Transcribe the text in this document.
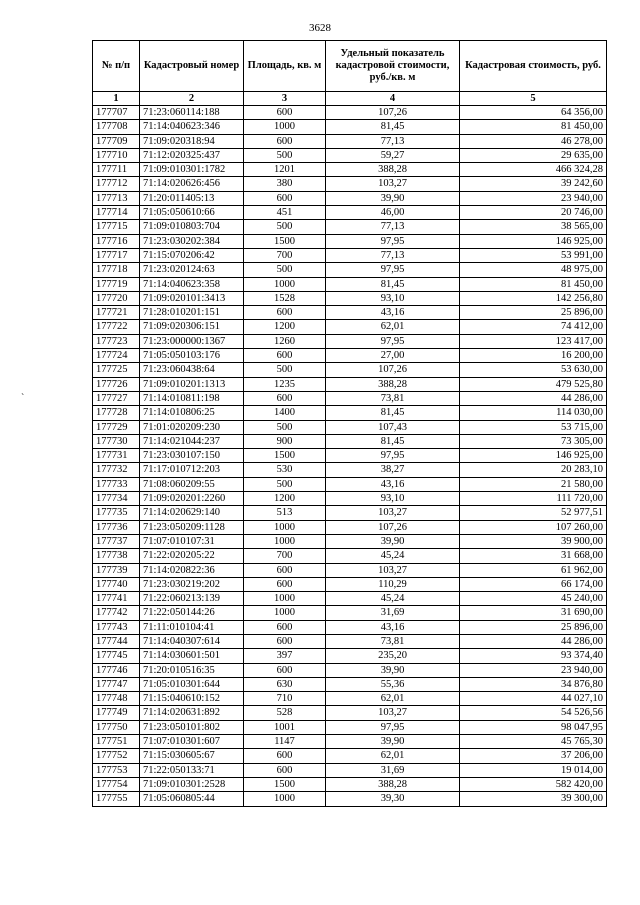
3628
`
№ п/п	Кадастровый номер	Площадь, кв. м	Удельный показатель кадастровой стоимости, руб./кв. м	Кадастровая стоимость, руб.
1	2	3	4	5
177707	71:23:060114:188	600	107,26	64 356,00
177708	71:14:040623:346	1000	81,45	81 450,00
177709	71:09:020318:94	600	77,13	46 278,00
177710	71:12:020325:437	500	59,27	29 635,00
177711	71:09:010301:1782	1201	388,28	466 324,28
177712	71:14:020626:456	380	103,27	39 242,60
177713	71:20:011405:13	600	39,90	23 940,00
177714	71:05:050610:66	451	46,00	20 746,00
177715	71:09:010803:704	500	77,13	38 565,00
177716	71:23:030202:384	1500	97,95	146 925,00
177717	71:15:070206:42	700	77,13	53 991,00
177718	71:23:020124:63	500	97,95	48 975,00
177719	71:14:040623:358	1000	81,45	81 450,00
177720	71:09:020101:3413	1528	93,10	142 256,80
177721	71:28:010201:151	600	43,16	25 896,00
177722	71:09:020306:151	1200	62,01	74 412,00
177723	71:23:000000:1367	1260	97,95	123 417,00
177724	71:05:050103:176	600	27,00	16 200,00
177725	71:23:060438:64	500	107,26	53 630,00
177726	71:09:010201:1313	1235	388,28	479 525,80
177727	71:14:010811:198	600	73,81	44 286,00
177728	71:14:010806:25	1400	81,45	114 030,00
177729	71:01:020209:230	500	107,43	53 715,00
177730	71:14:021044:237	900	81,45	73 305,00
177731	71:23:030107:150	1500	97,95	146 925,00
177732	71:17:010712:203	530	38,27	20 283,10
177733	71:08:060209:55	500	43,16	21 580,00
177734	71:09:020201:2260	1200	93,10	111 720,00
177735	71:14:020629:140	513	103,27	52 977,51
177736	71:23:050209:1128	1000	107,26	107 260,00
177737	71:07:010107:31	1000	39,90	39 900,00
177738	71:22:020205:22	700	45,24	31 668,00
177739	71:14:020822:36	600	103,27	61 962,00
177740	71:23:030219:202	600	110,29	66 174,00
177741	71:22:060213:139	1000	45,24	45 240,00
177742	71:22:050144:26	1000	31,69	31 690,00
177743	71:11:010104:41	600	43,16	25 896,00
177744	71:14:040307:614	600	73,81	44 286,00
177745	71:14:030601:501	397	235,20	93 374,40
177746	71:20:010516:35	600	39,90	23 940,00
177747	71:05:010301:644	630	55,36	34 876,80
177748	71:15:040610:152	710	62,01	44 027,10
177749	71:14:020631:892	528	103,27	54 526,56
177750	71:23:050101:802	1001	97,95	98 047,95
177751	71:07:010301:607	1147	39,90	45 765,30
177752	71:15:030605:67	600	62,01	37 206,00
177753	71:22:050133:71	600	31,69	19 014,00
177754	71:09:010301:2528	1500	388,28	582 420,00
177755	71:05:060805:44	1000	39,30	39 300,00
